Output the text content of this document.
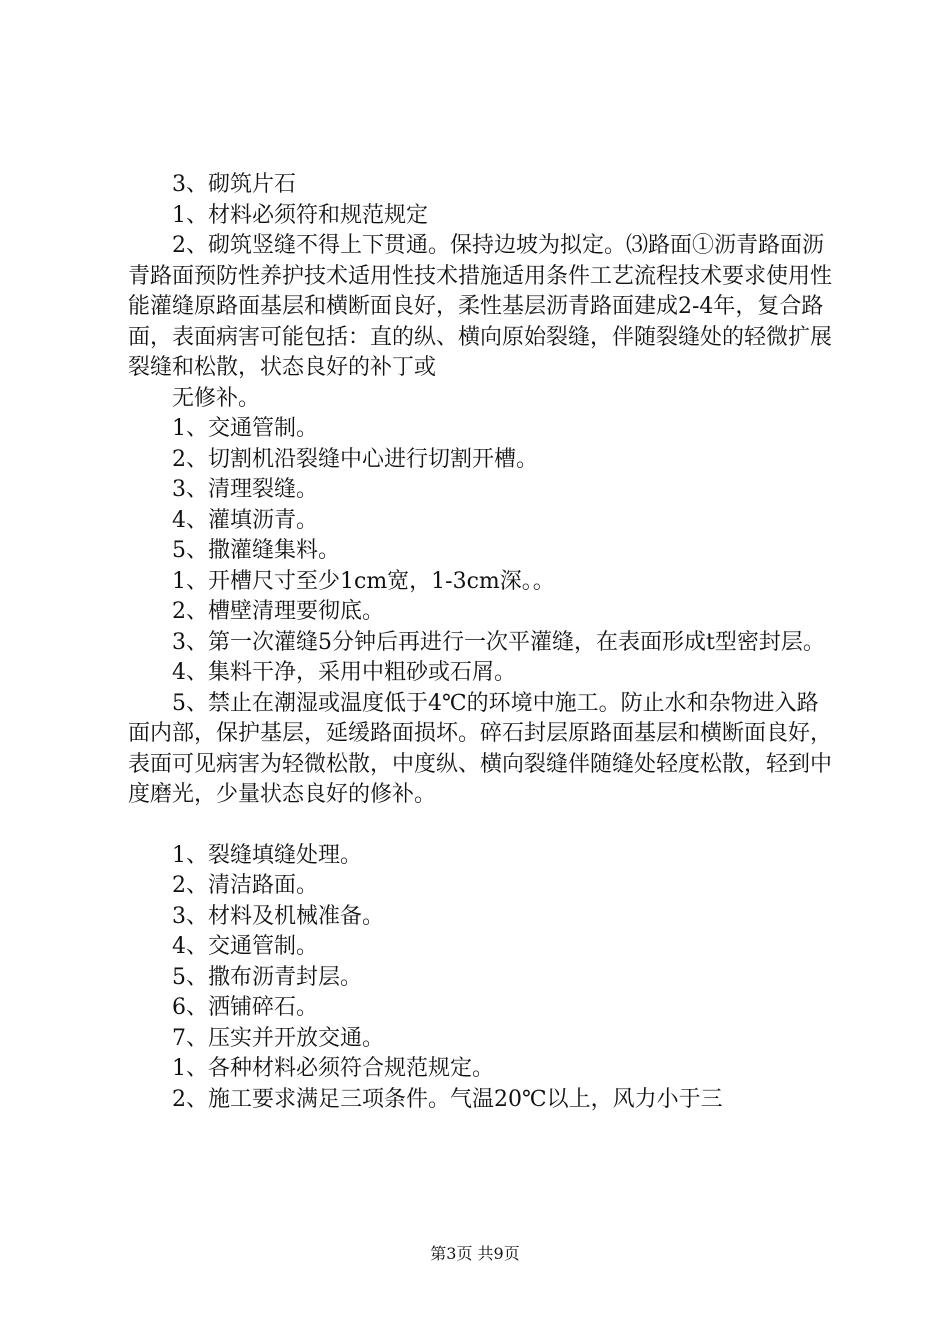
3、砌筑片石

1、材料必须符和规范规定

2、砌筑竖缝不得上下贯通。保持边坡为拟定。⑶路面①沥青路面沥青路面预防性养护技术适用性技术措施适用条件工艺流程技术要求使用性能灌缝原路面基层和横断面良好，柔性基层沥青路面建成2-4年，复合路面，表面病害可能包括：直的纵、横向原始裂缝，伴随裂缝处的轻微扩展裂缝和松散，状态良好的补丁或

无修补。

1、交通管制。

2、切割机沿裂缝中心进行切割开槽。

3、清理裂缝。

4、灌填沥青。

5、撒灌缝集料。

1、开槽尺寸至少1cm宽，1-3cm深。。

2、槽壁清理要彻底。

3、第一次灌缝5分钟后再进行一次平灌缝，在表面形成t型密封层。

4、集料干净，采用中粗砂或石屑。

5、禁止在潮湿或温度低于4℃的环境中施工。防止水和杂物进入路面内部，保护基层，延缓路面损坏。碎石封层原路面基层和横断面良好，表面可见病害为轻微松散，中度纵、横向裂缝伴随缝处轻度松散，轻到中度磨光，少量状态良好的修补。

1、裂缝填缝处理。

2、清洁路面。

3、材料及机械准备。

4、交通管制。

5、撒布沥青封层。

6、洒铺碎石。

7、压实并开放交通。

1、各种材料必须符合规范规定。

2、施工要求满足三项条件。气温20℃以上，风力小于三

第3页 共9页
